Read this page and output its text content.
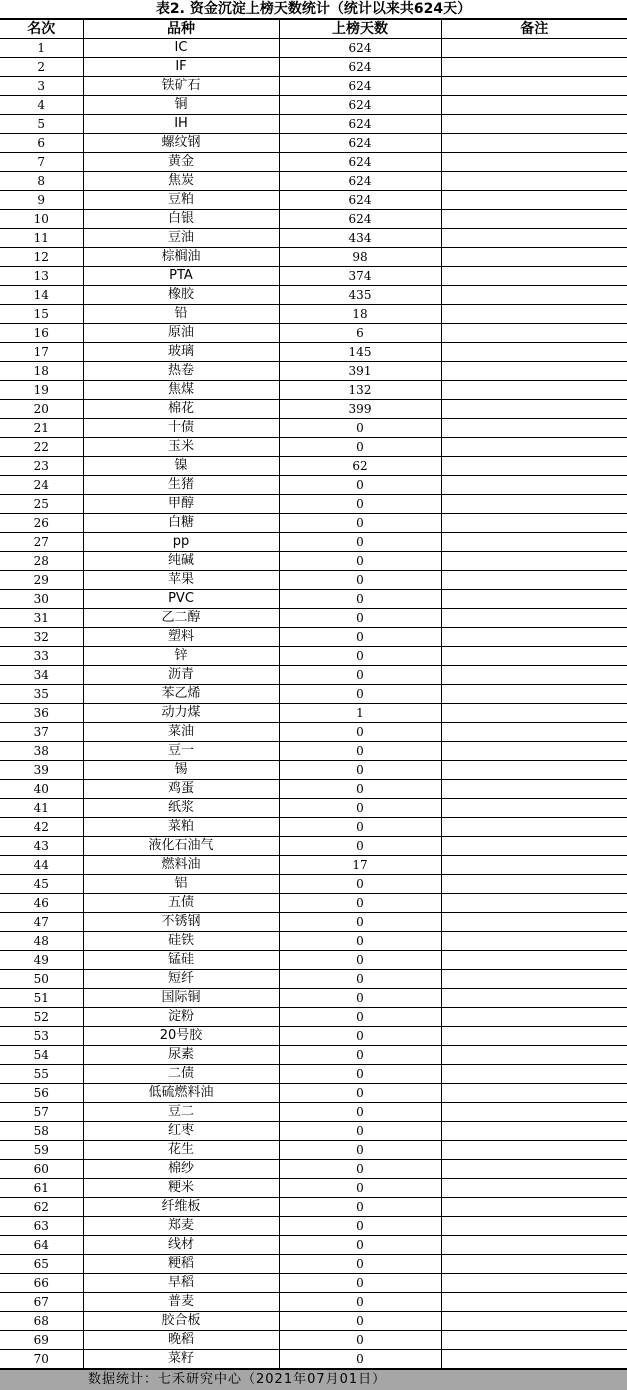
表2. 资金沉淀上榜天数统计（统计以来共624天）
名次	品种	上榜天数	备注
1	IC	624	
2	IF	624	
3	铁矿石	624	
4	铜	624	
5	IH	624	
6	螺纹钢	624	
7	黄金	624	
8	焦炭	624	
9	豆粕	624	
10	白银	624	
11	豆油	434	
12	棕榈油	98	
13	PTA	374	
14	橡胶	435	
15	铅	18	
16	原油	6	
17	玻璃	145	
18	热卷	391	
19	焦煤	132	
20	棉花	399	
21	十债	0	
22	玉米	0	
23	镍	62	
24	生猪	0	
25	甲醇	0	
26	白糖	0	
27	pp	0	
28	纯碱	0	
29	苹果	0	
30	PVC	0	
31	乙二醇	0	
32	塑料	0	
33	锌	0	
34	沥青	0	
35	苯乙烯	0	
36	动力煤	1	
37	菜油	0	
38	豆一	0	
39	锡	0	
40	鸡蛋	0	
41	纸浆	0	
42	菜粕	0	
43	液化石油气	0	
44	燃料油	17	
45	铝	0	
46	五债	0	
47	不锈钢	0	
48	硅铁	0	
49	锰硅	0	
50	短纤	0	
51	国际铜	0	
52	淀粉	0	
53	20号胶	0	
54	尿素	0	
55	二债	0	
56	低硫燃料油	0	
57	豆二	0	
58	红枣	0	
59	花生	0	
60	棉纱	0	
61	粳米	0	
62	纤维板	0	
63	郑麦	0	
64	线材	0	
65	粳稻	0	
66	早稻	0	
67	普麦	0	
68	胶合板	0	
69	晚稻	0	
70	菜籽	0	
数据统计：七禾研究中心（2021年07月01日）
